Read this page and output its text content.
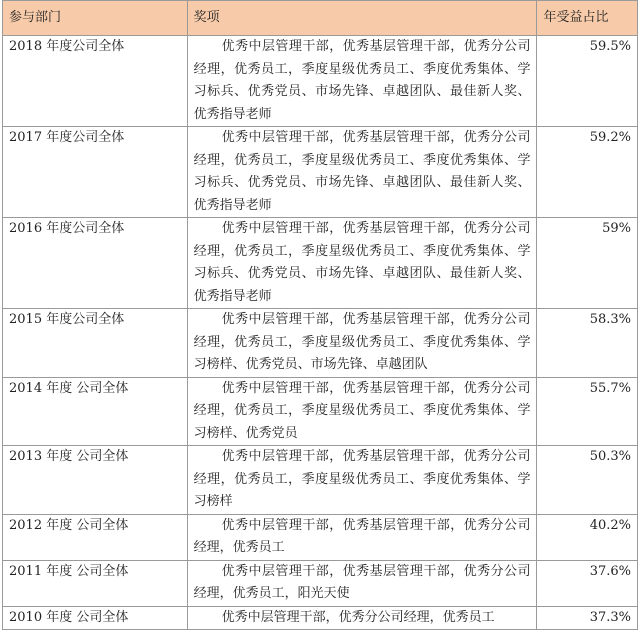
参与部门	奖项	年受益占比
2018 年度公司全体	优秀中层管理干部，优秀基层管理干部，优秀分公司经理，优秀员工，季度星级优秀员工、季度优秀集体、学习标兵、优秀党员、市场先锋、卓越团队、最佳新人奖、优秀指导老师	59.5%
2017 年度公司全体	优秀中层管理干部，优秀基层管理干部，优秀分公司经理，优秀员工，季度星级优秀员工、季度优秀集体、学习标兵、优秀党员、市场先锋、卓越团队、最佳新人奖、优秀指导老师	59.2%
2016 年度公司全体	优秀中层管理干部，优秀基层管理干部，优秀分公司经理，优秀员工，季度星级优秀员工、季度优秀集体、学习标兵、优秀党员、市场先锋、卓越团队、最佳新人奖、优秀指导老师	59%
2015 年度公司全体	优秀中层管理干部，优秀基层管理干部，优秀分公司经理，优秀员工，季度星级优秀员工、季度优秀集体、学习榜样、优秀党员、市场先锋、卓越团队	58.3%
2014 年度 公司全体	优秀中层管理干部，优秀基层管理干部，优秀分公司经理，优秀员工，季度星级优秀员工、季度优秀集体、学习榜样、优秀党员	55.7%
2013 年度 公司全体	优秀中层管理干部，优秀基层管理干部，优秀分公司经理，优秀员工，季度星级优秀员工、季度优秀集体、学习榜样	50.3%
2012 年度 公司全体	优秀中层管理干部，优秀基层管理干部，优秀分公司经理，优秀员工	40.2%
2011 年度 公司全体	优秀中层管理干部，优秀基层管理干部，优秀分公司经理，优秀员工，阳光天使	37.6%
2010 年度 公司全体	优秀中层管理干部，优秀分公司经理，优秀员工	37.3%
